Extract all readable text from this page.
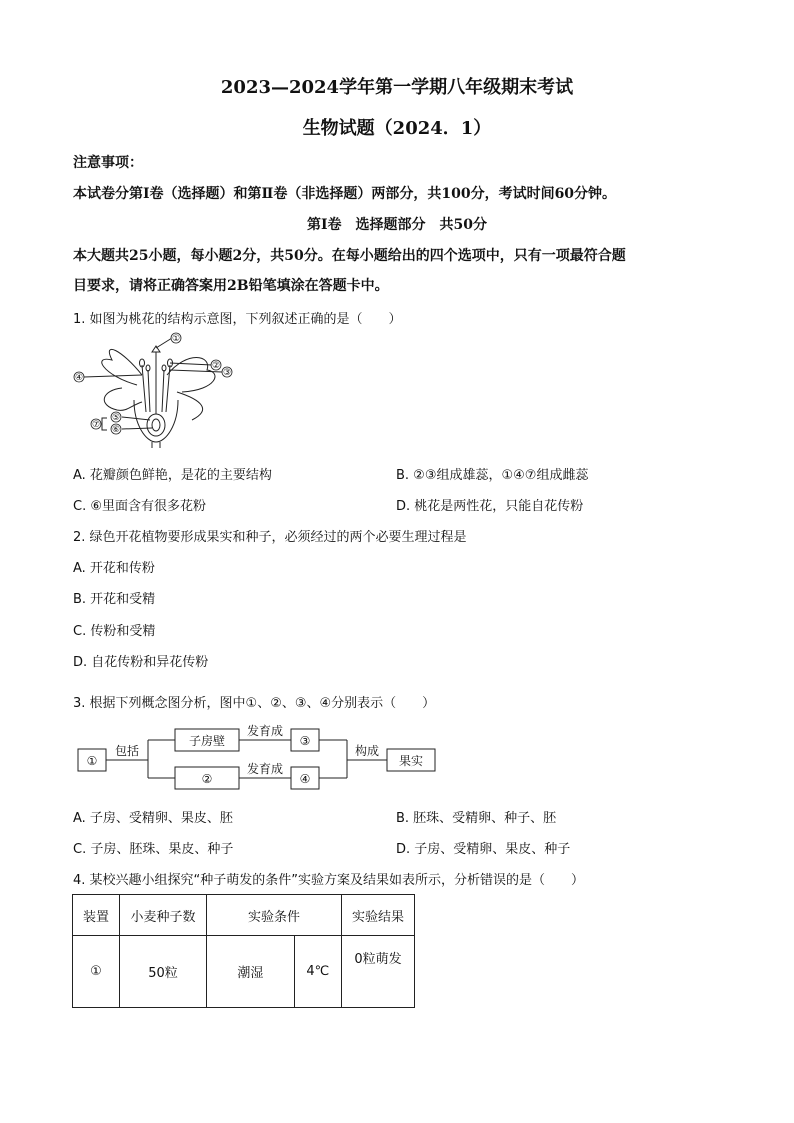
2023—2024学年第一学期八年级期末考试
生物试题（2024．1）
注意事项：
本试卷分第Ⅰ卷（选择题）和第Ⅱ卷（非选择题）两部分，共100分，考试时间60分钟。
第Ⅰ卷　选择题部分　共50分
本大题共25小题，每小题2分，共50分。在每小题给出的四个选项中，只有一项最符合题
目要求，请将正确答案用2B铅笔填涂在答题卡中。
1. 如图为桃花的结构示意图，下列叙述正确的是（　　）
①
②
③
④
⑤
⑥
⑦
A. 花瓣颜色鲜艳，是花的主要结构	B. ②③组成雄蕊，①④⑦组成雌蕊
C. ⑥里面含有很多花粉	D. 桃花是两性花，只能自花传粉
2. 绿色开花植物要形成果实和种子，必须经过的两个必要生理过程是
A. 开花和传粉
B. 开花和受精
C. 传粉和受精
D. 自花传粉和异花传粉
3. 根据下列概念图分析，图中①、②、③、④分别表示（　　）
①
包括
子房壁
②
发育成
发育成
③
④
构成
果实
A. 子房、受精卵、果皮、胚	B. 胚珠、受精卵、种子、胚
C. 子房、胚珠、果皮、种子	D. 子房、受精卵、果皮、种子
4. 某校兴趣小组探究“种子萌发的条件”实验方案及结果如表所示，分析错误的是（　　）
装置	小麦种子数	实验条件		实验结果
①	50粒	潮湿	4℃	0粒萌发
